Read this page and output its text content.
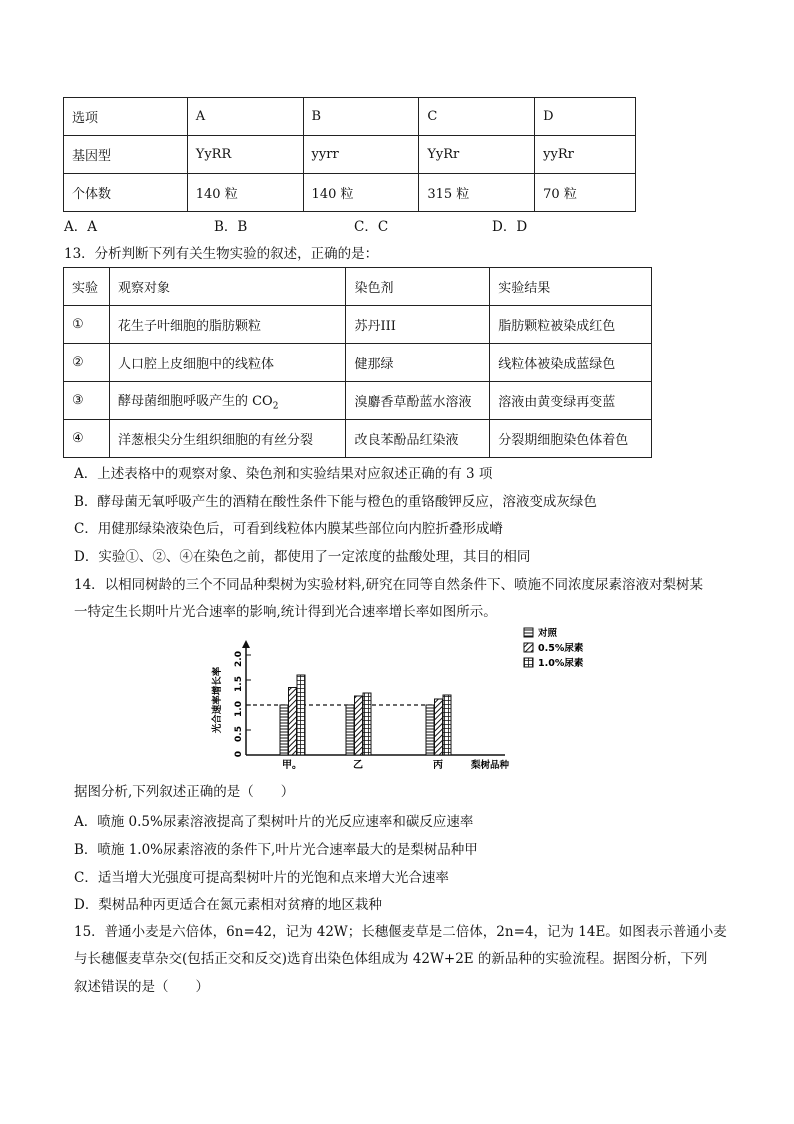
选项	A	B	C	D
基因型	YyRR	yyrr	YyRr	yyRr
个体数	140 粒	140 粒	315 粒	70 粒
A．A	B．B	C．C	D．D

13．分析判断下列有关生物实验的叙述，正确的是：

实验	观察对象	染色剂	实验结果
①	花生子叶细胞的脂肪颗粒	苏丹III	脂肪颗粒被染成红色
②	人口腔上皮细胞中的线粒体	健那绿	线粒体被染成蓝绿色
③	酵母菌细胞呼吸产生的 $CO_2$	溴麝香草酚蓝水溶液	溶液由黄变绿再变蓝
④	洋葱根尖分生组织细胞的有丝分裂	改良苯酚品红染液	分裂期细胞染色体着色

A．上述表格中的观察对象、染色剂和实验结果对应叙述正确的有 3 项

B．酵母菌无氧呼吸产生的酒精在酸性条件下能与橙色的重铬酸钾反应，溶液变成灰绿色

C．用健那绿染液染色后，可看到线粒体内膜某些部位向内腔折叠形成嵴

D．实验①、②、④在染色之前，都使用了一定浓度的盐酸处理，其目的相同

14．以相同树龄的三个不同品种梨树为实验材料,研究在同等自然条件下、喷施不同浓度尿素溶液对梨树某

一特定生长期叶片光合速率的影响,统计得到光合速率增长率如图所示。

0
0.5
1.0
1.5
2.0
光合速率增长率
甲。	乙	丙	梨树品种
对照
0.5%尿素
1.0%尿素

据图分析,下列叙述正确的是（　　）

A．喷施 0.5%尿素溶液提高了梨树叶片的光反应速率和碳反应速率

B．喷施 1.0%尿素溶液的条件下,叶片光合速率最大的是梨树品种甲

C．适当增大光强度可提高梨树叶片的光饱和点来增大光合速率

D．梨树品种丙更适合在氮元素相对贫瘠的地区栽种

15．普通小麦是六倍体，6n=42，记为 42W；长穗偃麦草是二倍体，2n=4，记为 14E。如图表示普通小麦

与长穗偃麦草杂交(包括正交和反交)选育出染色体组成为 42W+2E 的新品种的实验流程。据图分析，下列

叙述错误的是（　　）
